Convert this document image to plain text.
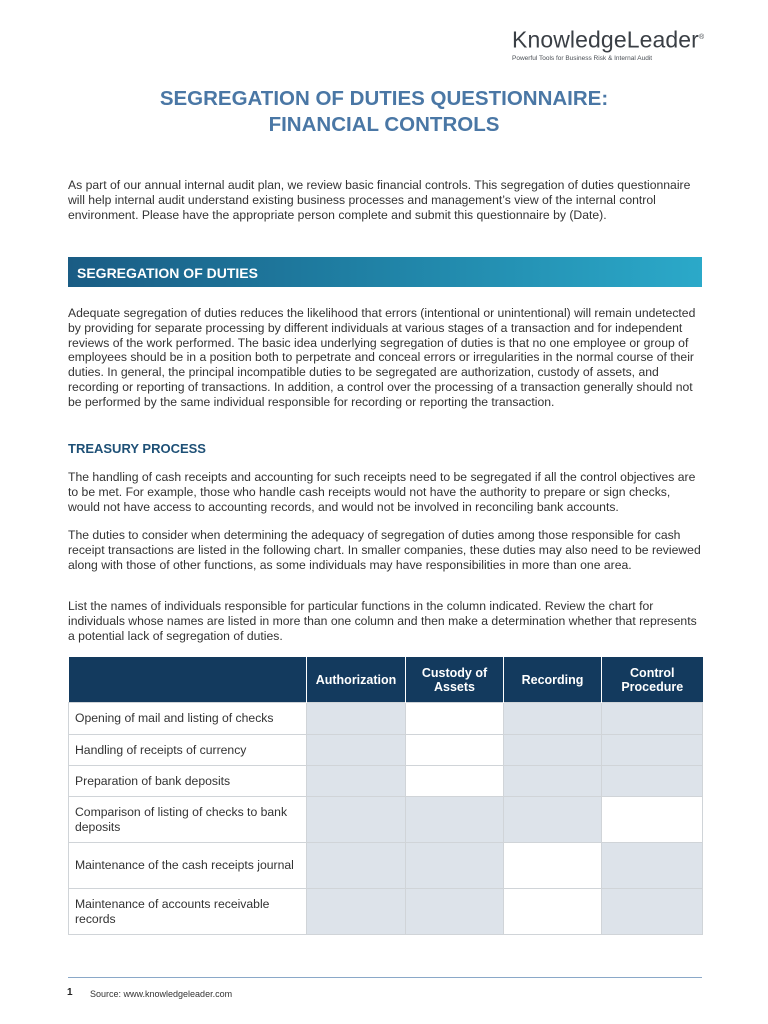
KnowledgeLeader®
Powerful Tools for Business Risk & Internal Audit
SEGREGATION OF DUTIES QUESTIONNAIRE:
FINANCIAL CONTROLS
As part of our annual internal audit plan, we review basic financial controls. This segregation of duties questionnaire will help internal audit understand existing business processes and management’s view of the internal control environment. Please have the appropriate person complete and submit this questionnaire by (Date).
SEGREGATION OF DUTIES
Adequate segregation of duties reduces the likelihood that errors (intentional or unintentional) will remain undetected by providing for separate processing by different individuals at various stages of a transaction and for independent reviews of the work performed. The basic idea underlying segregation of duties is that no one employee or group of employees should be in a position both to perpetrate and conceal errors or irregularities in the normal course of their duties. In general, the principal incompatible duties to be segregated are authorization, custody of assets, and recording or reporting of transactions. In addition, a control over the processing of a transaction generally should not be performed by the same individual responsible for recording or reporting the transaction.
TREASURY PROCESS
The handling of cash receipts and accounting for such receipts need to be segregated if all the control objectives are to be met. For example, those who handle cash receipts would not have the authority to prepare or sign checks, would not have access to accounting records, and would not be involved in reconciling bank accounts.
The duties to consider when determining the adequacy of segregation of duties among those responsible for cash receipt transactions are listed in the following chart. In smaller companies, these duties may also need to be reviewed along with those of other functions, as some individuals may have responsibilities in more than one area.
List the names of individuals responsible for particular functions in the column indicated. Review the chart for individuals whose names are listed in more than one column and then make a determination whether that represents a potential lack of segregation of duties.
	Authorization	Custody of Assets	Recording	Control Procedure
Opening of mail and listing of checks				
Handling of receipts of currency				
Preparation of bank deposits				
Comparison of listing of checks to bank deposits				
Maintenance of the cash receipts journal				
Maintenance of accounts receivable records				
1 Source: www.knowledgeleader.com
